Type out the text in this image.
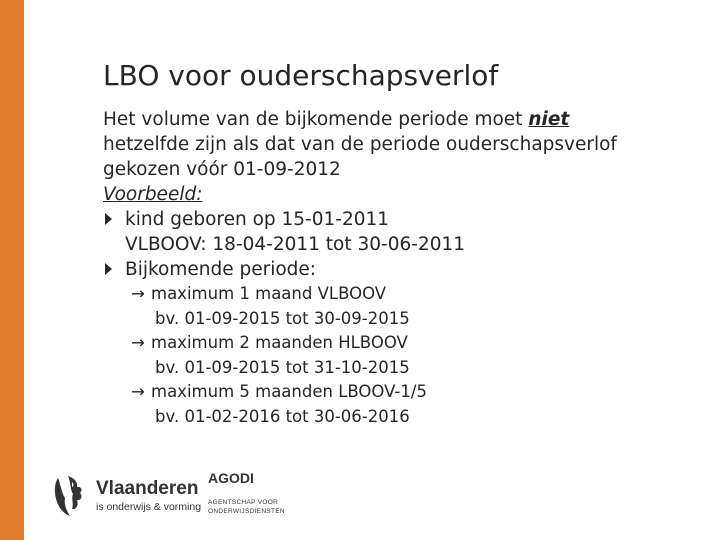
LBO voor ouderschapsverlof
Het volume van de bijkomende periode moet niet
hetzelfde zijn als dat van de periode ouderschapsverlof
gekozen vóór 01-09-2012
Voorbeeld:
kind geboren op 15-01-2011
VLBOOV: 18-04-2011 tot 30-06-2011
Bijkomende periode:
→ maximum 1 maand VLBOOV
bv. 01-09-2015 tot 30-09-2015
→ maximum 2 maanden HLBOOV
bv. 01-09-2015 tot 31-10-2015
→ maximum 5 maanden LBOOV-1/5
bv. 01-02-2016 tot 30-06-2016
Vlaanderen
is onderwijs & vorming
AGODI
AGENTSCHAP VOOR
ONDERWIJSDIENSTEN
